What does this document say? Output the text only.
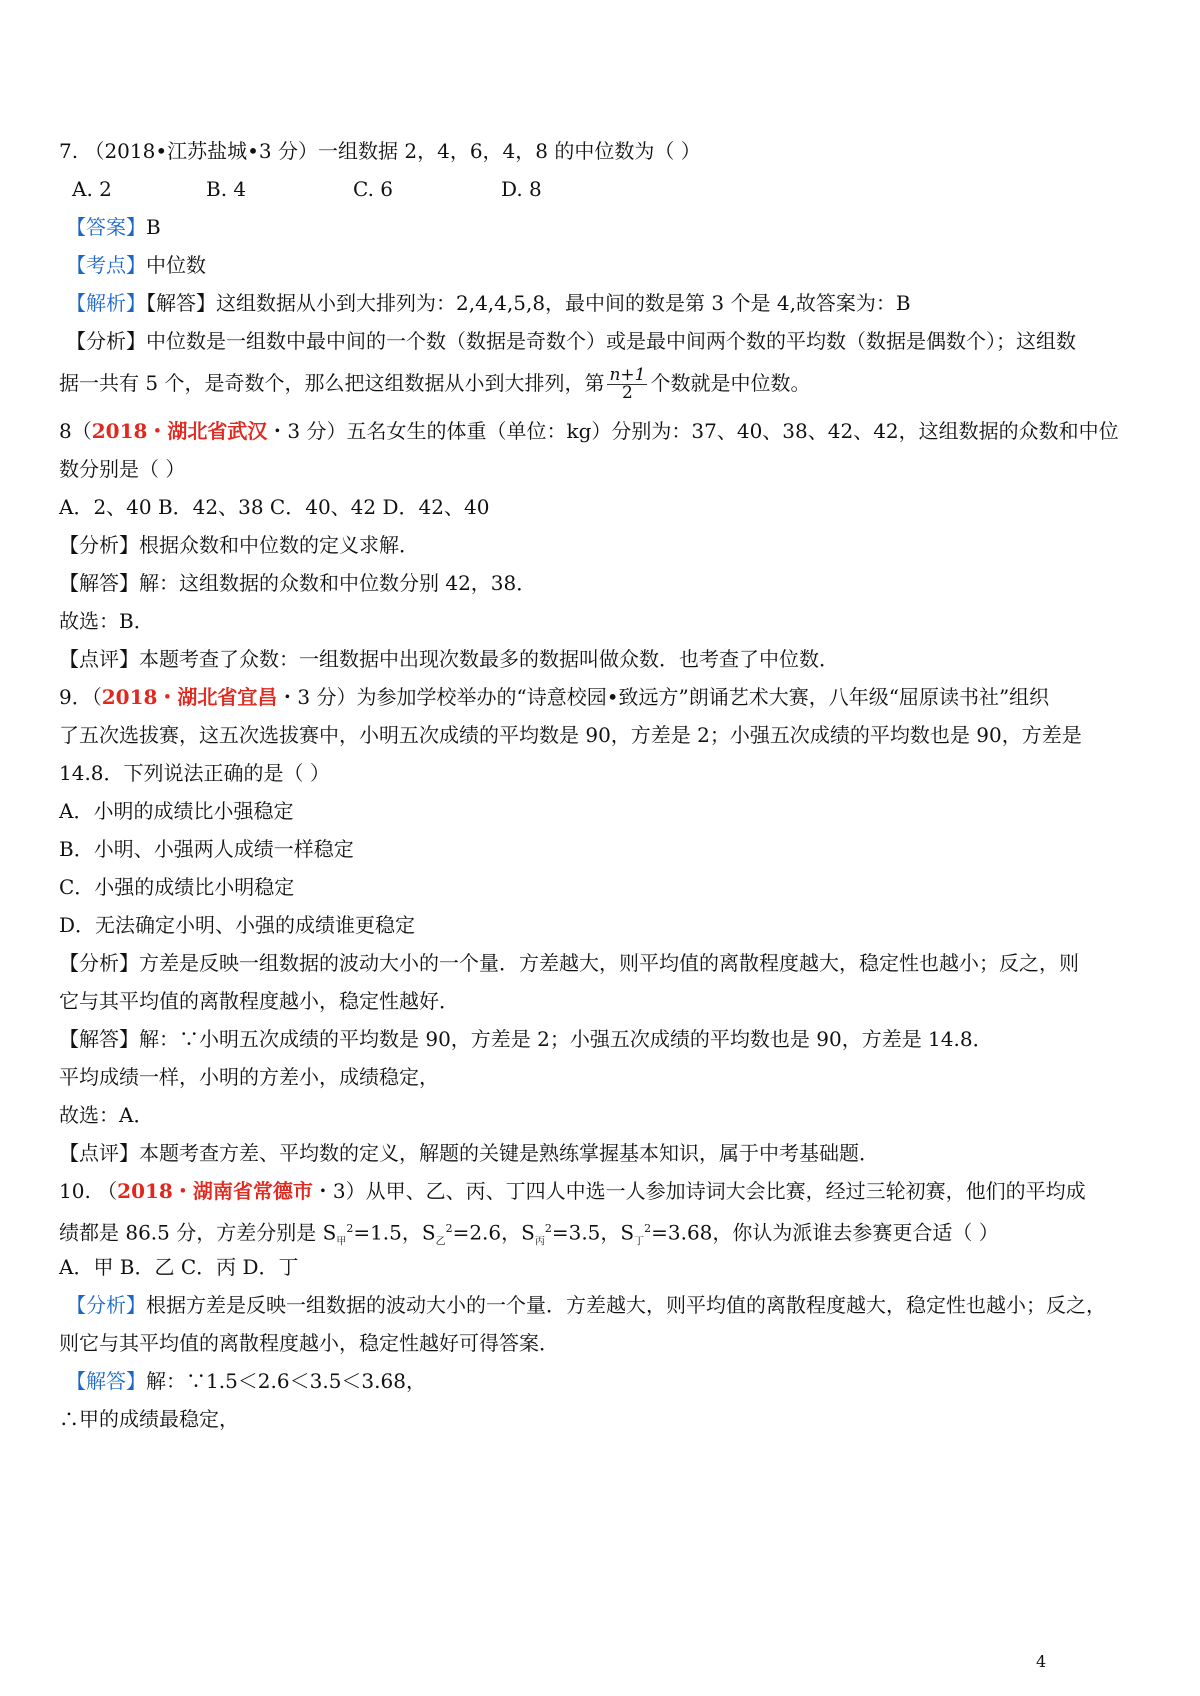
7. （2018•江苏盐城•3 分）一组数据 2，4，6，4，8 的中位数为（ ）
A. 2	B. 4	C. 6	D. 8
【答案】B
【考点】中位数
【解析】【解答】这组数据从小到大排列为：2,4,4,5,8，最中间的数是第 3 个是 4,故答案为：B
【分析】中位数是一组数中最中间的一个数（数据是奇数个）或是最中间两个数的平均数（数据是偶数个）；这组数
据一共有 5 个，是奇数个，那么把这组数据从小到大排列，第 $\frac{n+1}{2}$ 个数就是中位数。
8（2018・湖北省武汉・3 分）五名女生的体重（单位：kg）分别为：37、40、38、42、42，这组数据的众数和中位
数分别是（ ）
A．2、40 B．42、38 C．40、42 D．42、40
【分析】根据众数和中位数的定义求解．
【解答】解：这组数据的众数和中位数分别 42，38．
故选：B．
【点评】本题考查了众数：一组数据中出现次数最多的数据叫做众数．也考查了中位数．
9．（2018・湖北省宜昌・3 分）为参加学校举办的“诗意校园•致远方”朗诵艺术大赛，八年级“屈原读书社”组织
了五次选拔赛，这五次选拔赛中，小明五次成绩的平均数是 90，方差是 2；小强五次成绩的平均数也是 90，方差是
14.8．下列说法正确的是（ ）
A．小明的成绩比小强稳定
B．小明、小强两人成绩一样稳定
C．小强的成绩比小明稳定
D．无法确定小明、小强的成绩谁更稳定
【分析】方差是反映一组数据的波动大小的一个量．方差越大，则平均值的离散程度越大，稳定性也越小；反之，则
它与其平均值的离散程度越小，稳定性越好．
【解答】解：∵小明五次成绩的平均数是 90，方差是 2；小强五次成绩的平均数也是 90，方差是 14.8．
平均成绩一样，小明的方差小，成绩稳定，
故选：A．
【点评】本题考查方差、平均数的定义，解题的关键是熟练掌握基本知识，属于中考基础题．
10. （2018・湖南省常德市・3）从甲、乙、丙、丁四人中选一人参加诗词大会比赛，经过三轮初赛，他们的平均成
绩都是 86.5 分，方差分别是 $S_甲^2=1.5$，$S_乙^2=2.6$，$S_丙^2=3.5$，$S_丁^2=3.68$，你认为派谁去参赛更合适（ ）
A．甲 B．乙 C．丙 D．丁
【分析】根据方差是反映一组数据的波动大小的一个量．方差越大，则平均值的离散程度越大，稳定性也越小；反之，
则它与其平均值的离散程度越小，稳定性越好可得答案．
【解答】解：∵1.5＜2.6＜3.5＜3.68，
∴甲的成绩最稳定，
4
